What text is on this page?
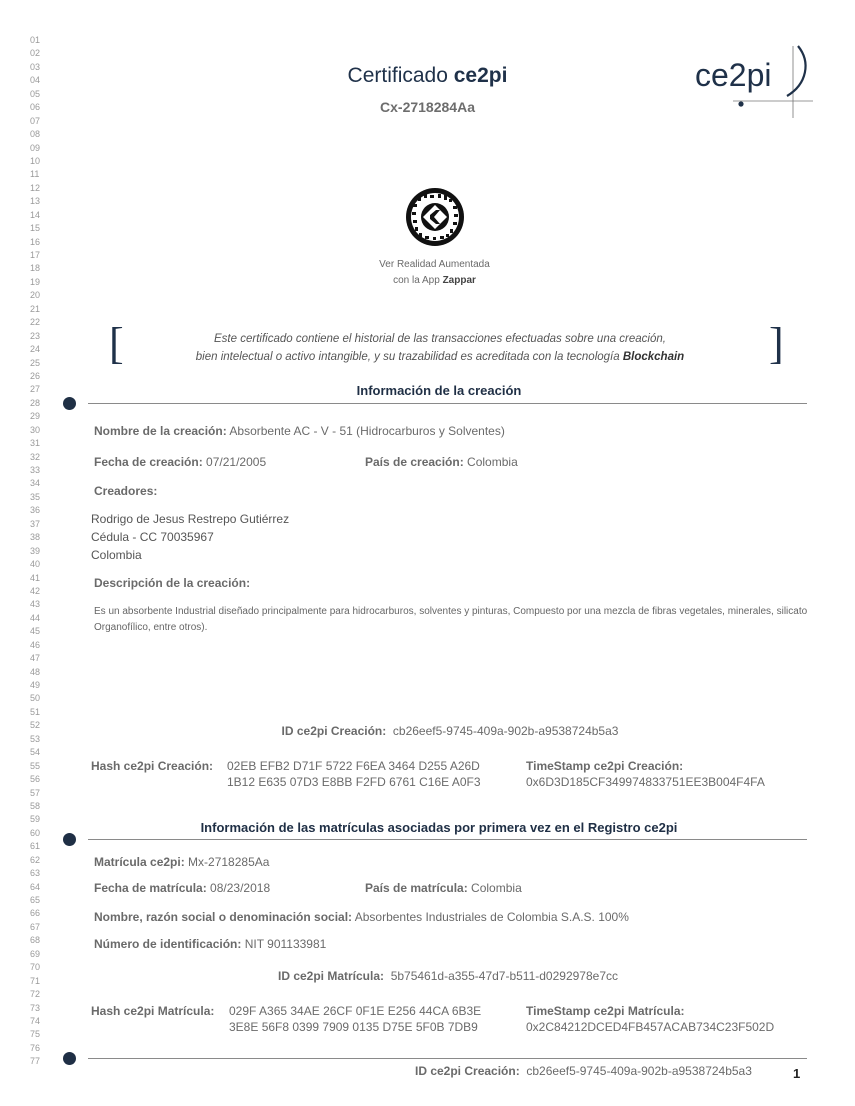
01
02
03
04
05
06
07
08
09
10
11
12
13
14
15
16
17
18
19
20
21
22
23
24
25
26
27
28
29
30
31
32
33
34
35
36
37
38
39
40
41
42
43
44
45
46
47
48
49
50
51
52
53
54
55
56
57
58
59
60
61
62
63
64
65
66
67
68
69
70
71
72
73
74
75
76
77
Certificado ce2pi
Cx-2718284Aa
ce2pi
Ver Realidad Aumentada
con la App Zappar
[	]
Este certificado contiene el historial de las transacciones efectuadas sobre una creación,
bien intelectual o activo intangible, y su trazabilidad es acreditada con la tecnología Blockchain
Información de la creación
Nombre de la creación: Absorbente AC - V - 51 (Hidrocarburos y Solventes)
Fecha de creación: 07/21/2005	País de creación: Colombia
Creadores:
Rodrigo de Jesus Restrepo Gutiérrez
Cédula - CC 70035967
Colombia
Descripción de la creación:
Es un absorbente Industrial diseñado principalmente para hidrocarburos, solventes y pinturas, Compuesto por una mezcla de fibras vegetales, minerales, silicato Organofílico, entre otros).
ID ce2pi Creación: cb26eef5-9745-409a-902b-a9538724b5a3
Hash ce2pi Creación: 02EB EFB2 D71F 5722 F6EA 3464 D255 A26D
1B12 E635 07D3 E8BB F2FD 6761 C16E A0F3
TimeStamp ce2pi Creación:
0x6D3D185CF349974833751EE3B004F4FA
Información de las matrículas asociadas por primera vez en el Registro ce2pi
Matrícula ce2pi: Mx-2718285Aa
Fecha de matrícula: 08/23/2018	País de matrícula: Colombia
Nombre, razón social o denominación social: Absorbentes Industriales de Colombia S.A.S. 100%
Número de identificación: NIT 901133981
ID ce2pi Matrícula: 5b75461d-a355-47d7-b511-d0292978e7cc
Hash ce2pi Matrícula: 029F A365 34AE 26CF 0F1E E256 44CA 6B3E
3E8E 56F8 0399 7909 0135 D75E 5F0B 7DB9
TimeStamp ce2pi Matrícula:
0x2C84212DCED4FB457ACAB734C23F502D
ID ce2pi Creación: cb26eef5-9745-409a-902b-a9538724b5a3	1
